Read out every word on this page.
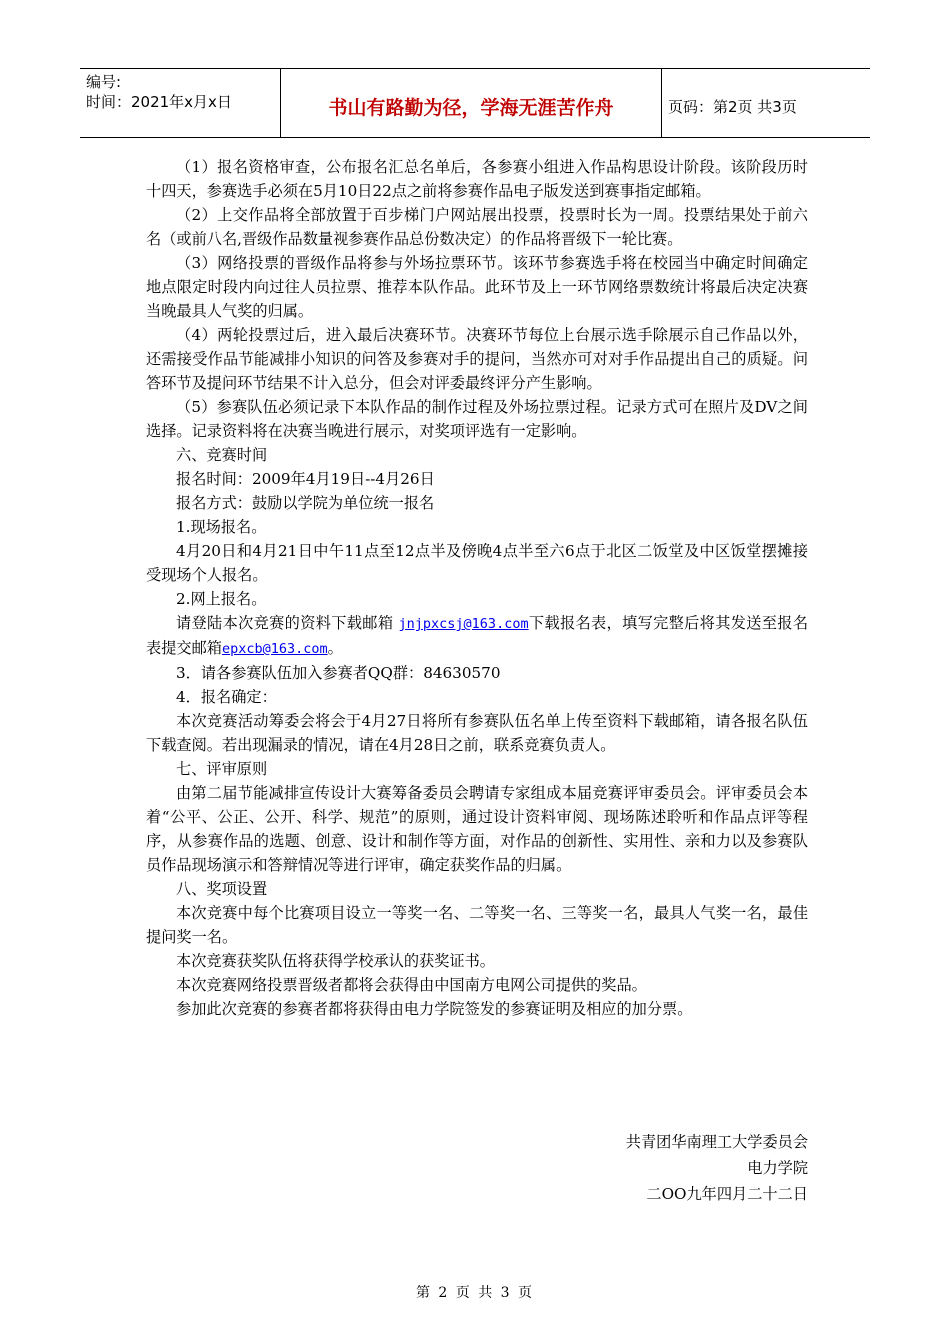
编号:
时间：2021年x月x日	书山有路勤为径，学海无涯苦作舟	页码：第2页 共3页

（1）报名资格审查，公布报名汇总名单后，各参赛小组进入作品构思设计阶段。该阶段历时十四天，参赛选手必须在5月10日22点之前将参赛作品电子版发送到赛事指定邮箱。

（2）上交作品将全部放置于百步梯门户网站展出投票，投票时长为一周。投票结果处于前六名（或前八名,晋级作品数量视参赛作品总份数决定）的作品将晋级下一轮比赛。

（3）网络投票的晋级作品将参与外场拉票环节。该环节参赛选手将在校园当中确定时间确定地点限定时段内向过往人员拉票、推荐本队作品。此环节及上一环节网络票数统计将最后决定决赛当晚最具人气奖的归属。

（4）两轮投票过后，进入最后决赛环节。决赛环节每位上台展示选手除展示自己作品以外，还需接受作品节能减排小知识的问答及参赛对手的提问，当然亦可对对手作品提出自己的质疑。问答环节及提问环节结果不计入总分，但会对评委最终评分产生影响。

（5）参赛队伍必须记录下本队作品的制作过程及外场拉票过程。记录方式可在照片及DV之间选择。记录资料将在决赛当晚进行展示，对奖项评选有一定影响。

六、竞赛时间

报名时间：2009年4月19日--4月26日

报名方式：鼓励以学院为单位统一报名

1.现场报名。

4月20日和4月21日中午11点至12点半及傍晚4点半至六6点于北区二饭堂及中区饭堂摆摊接受现场个人报名。

2.网上报名。

请登陆本次竞赛的资料下载邮箱 jnjpxcsj@163.com下载报名表，填写完整后将其发送至报名表提交邮箱epxcb@163.com。

3．请各参赛队伍加入参赛者QQ群：84630570

4．报名确定：

本次竞赛活动筹委会将会于4月27日将所有参赛队伍名单上传至资料下载邮箱，请各报名队伍下载查阅。若出现漏录的情况，请在4月28日之前，联系竞赛负责人。

七、评审原则

由第二届节能减排宣传设计大赛筹备委员会聘请专家组成本届竞赛评审委员会。评审委员会本着“公平、公正、公开、科学、规范”的原则，通过设计资料审阅、现场陈述聆听和作品点评等程序，从参赛作品的选题、创意、设计和制作等方面，对作品的创新性、实用性、亲和力以及参赛队员作品现场演示和答辩情况等进行评审，确定获奖作品的归属。

八、奖项设置

本次竞赛中每个比赛项目设立一等奖一名、二等奖一名、三等奖一名，最具人气奖一名，最佳提问奖一名。

本次竞赛获奖队伍将获得学校承认的获奖证书。

本次竞赛网络投票晋级者都将会获得由中国南方电网公司提供的奖品。

参加此次竞赛的参赛者都将获得由电力学院签发的参赛证明及相应的加分票。

共青团华南理工大学委员会
电力学院
二OO九年四月二十二日
第 2 页 共 3 页
